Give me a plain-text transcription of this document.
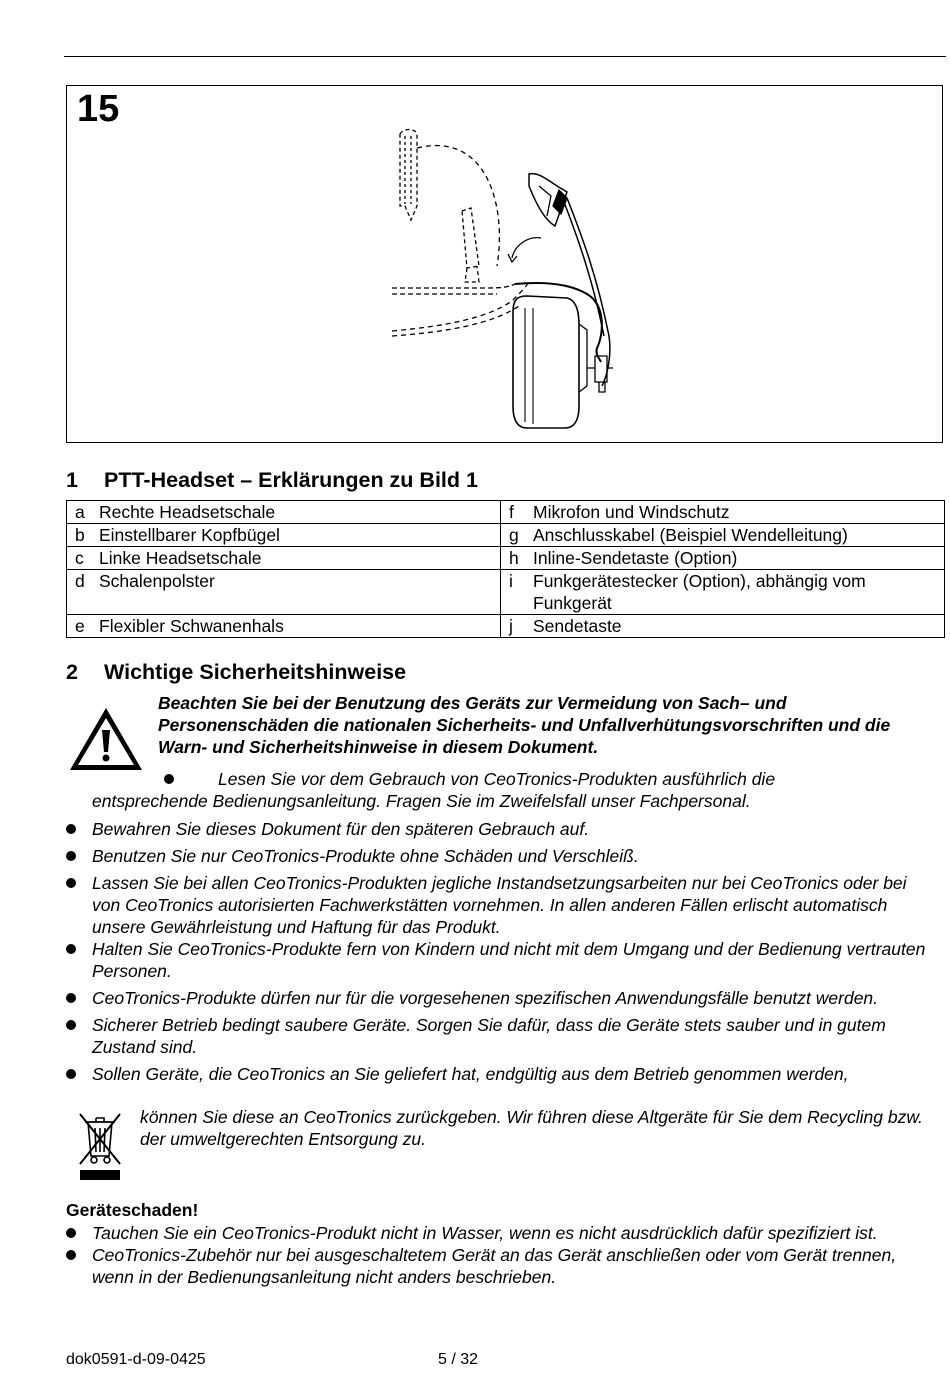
15
1 PTT-Headset – Erklärungen zu Bild 1
a Rechte Headsetschale	f Mikrofon und Windschutz
b Einstellbarer Kopfbügel	g Anschlusskabel (Beispiel Wendelleitung)
c Linke Headsetschale	h Inline-Sendetaste (Option)
d Schalenpolster	i Funkgerätestecker (Option), abhängig vom Funkgerät
e Flexibler Schwanenhals	j Sendetaste
2 Wichtige Sicherheitshinweise
Beachten Sie bei der Benutzung des Geräts zur Vermeidung von Sach– und Personenschäden die nationalen Sicherheits- und Unfallverhütungsvorschriften und die Warn- und Sicherheitshinweise in diesem Dokument.
Lesen Sie vor dem Gebrauch von CeoTronics-Produkten ausführlich die
entsprechende Bedienungsanleitung. Fragen Sie im Zweifelsfall unser Fachpersonal.
Bewahren Sie dieses Dokument für den späteren Gebrauch auf.
Benutzen Sie nur CeoTronics-Produkte ohne Schäden und Verschleiß.
Lassen Sie bei allen CeoTronics-Produkten jegliche Instandsetzungsarbeiten nur bei CeoTronics oder bei von CeoTronics autorisierten Fachwerkstätten vornehmen. In allen anderen Fällen erlischt automatisch unsere Gewährleistung und Haftung für das Produkt.
Halten Sie CeoTronics-Produkte fern von Kindern und nicht mit dem Umgang und der Bedienung vertrauten Personen.
CeoTronics-Produkte dürfen nur für die vorgesehenen spezifischen Anwendungsfälle benutzt werden.
Sicherer Betrieb bedingt saubere Geräte. Sorgen Sie dafür, dass die Geräte stets sauber und in gutem Zustand sind.
Sollen Geräte, die CeoTronics an Sie geliefert hat, endgültig aus dem Betrieb genommen werden,
können Sie diese an CeoTronics zurückgeben. Wir führen diese Altgeräte für Sie dem Recycling bzw. der umweltgerechten Entsorgung zu.
Geräteschaden!
Tauchen Sie ein CeoTronics-Produkt nicht in Wasser, wenn es nicht ausdrücklich dafür spezifiziert ist.
CeoTronics-Zubehör nur bei ausgeschaltetem Gerät an das Gerät anschließen oder vom Gerät trennen, wenn in der Bedienungsanleitung nicht anders beschrieben.
dok0591-d-09-0425	5 / 32
